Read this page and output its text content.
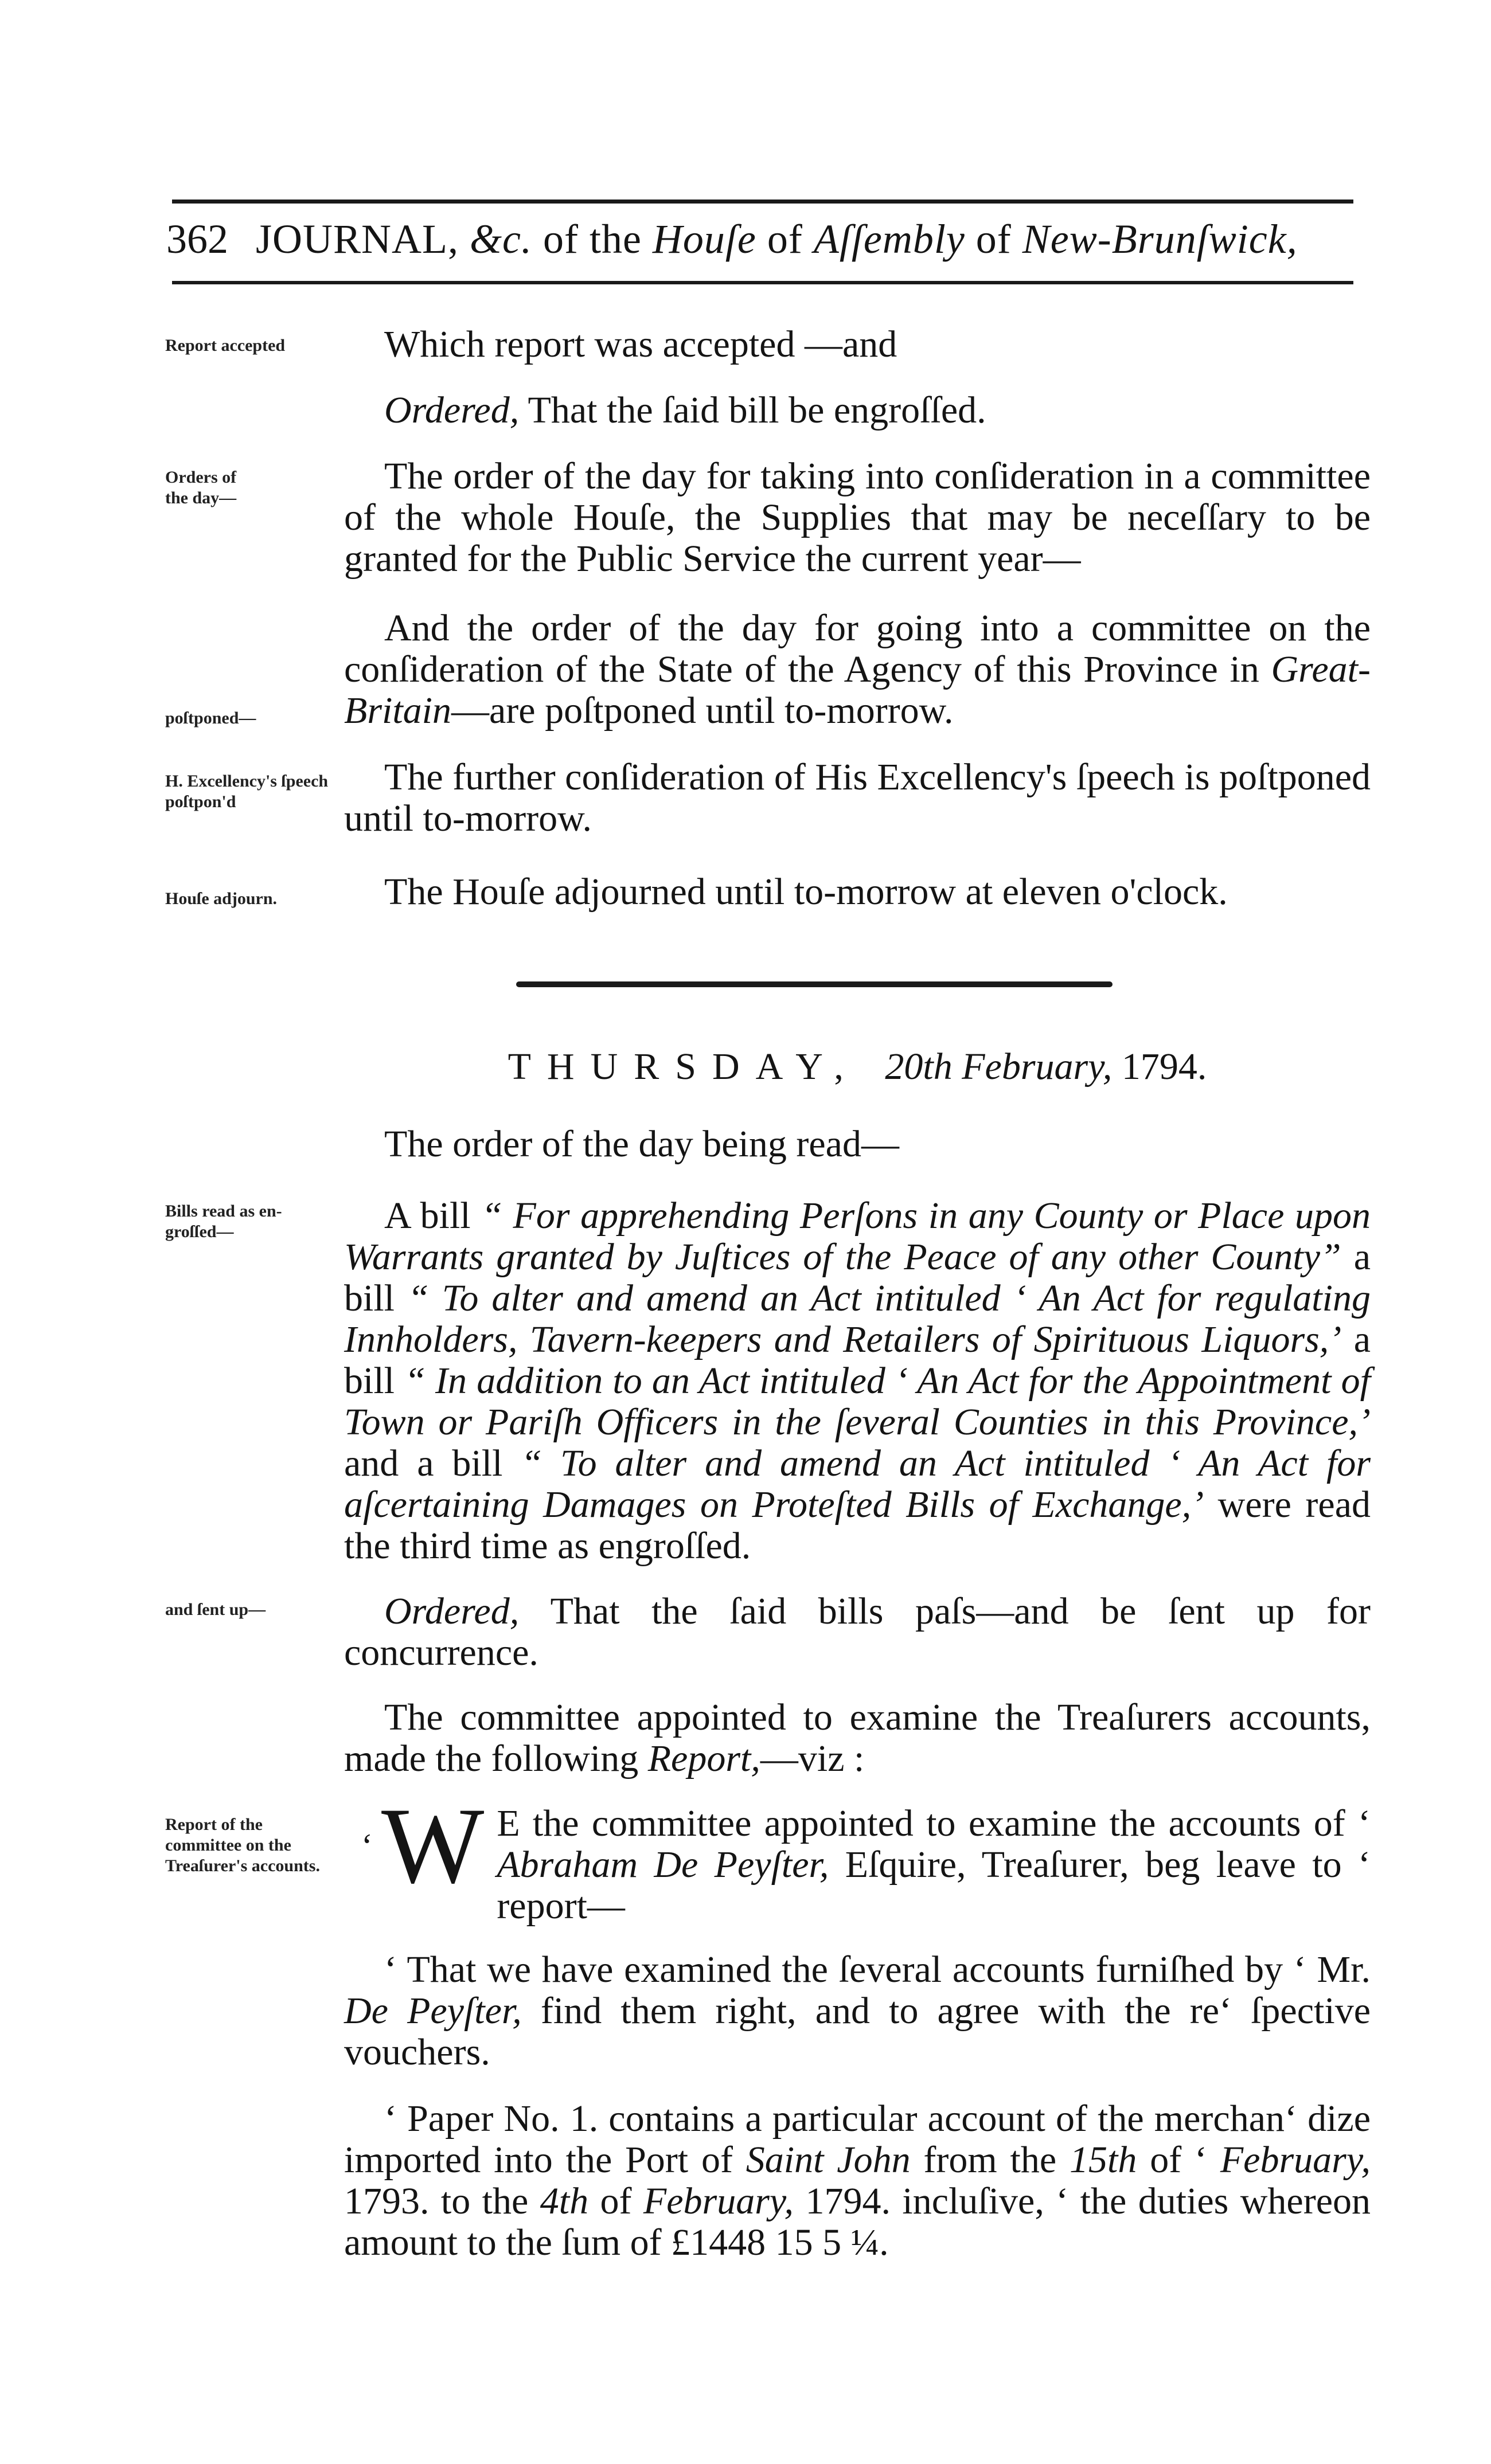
362 JOURNAL, &c. of the Houſe of Aſſembly of New-Brunſwick,
Report accepted
Orders of the day—
poſtponed—
H. Excellency's ſpeech poſtpon'd
Houſe adjourn.
Bills read as en-groſſed—
and ſent up—
Report of the committee on the Treaſurer's accounts.
Which report was accepted —and
Ordered, That the ſaid bill be engroſſed.
The order of the day for taking into conſideration in a committee of the whole Houſe, the Supplies that may be neceſſary to be granted for the Public Service the current year—
And the order of the day for going into a committee on the conſideration of the State of the Agency of this Province in Great-Britain—are poſtponed until to-morrow.
The further conſideration of His Excellency's ſpeech is poſtponed until to-morrow.
The Houſe adjourned until to-morrow at eleven o'clock.
THURSDAY, 20th February, 1794.
The order of the day being read—
A bill “ For apprehending Perſons in any County or Place upon Warrants granted by Juſtices of the Peace of any other County” a bill “ To alter and amend an Act intituled ‘ An Act for regulating Innholders, Tavern-keepers and Retailers of Spirituous Liquors,’ a bill “ In addition to an Act intituled ‘ An Act for the Appointment of Town or Pariſh Officers in the ſeveral Counties in this Province,’ and a bill “ To alter and amend an Act intituled ‘ An Act for aſcertaining Damages on Proteſted Bills of Exchange,’ were read the third time as engroſſed.
Ordered, That the ſaid bills paſs—and be ſent up for concurrence.
The committee appointed to examine the Treaſurers accounts, made the following Report,—viz :
‘ W E the committee appointed to examine the accounts of ‘ Abraham De Peyſter, Eſquire, Treaſurer, beg leave to ‘ report—
‘ That we have examined the ſeveral accounts furniſhed by ‘ Mr. De Peyſter, find them right, and to agree with the re‘ ſpective vouchers.
‘ Paper No. 1. contains a particular account of the merchan‘ dize imported into the Port of Saint John from the 15th of ‘ February, 1793. to the 4th of February, 1794. incluſive, ‘ the duties whereon amount to the ſum of £1448 15 5 ¼.
